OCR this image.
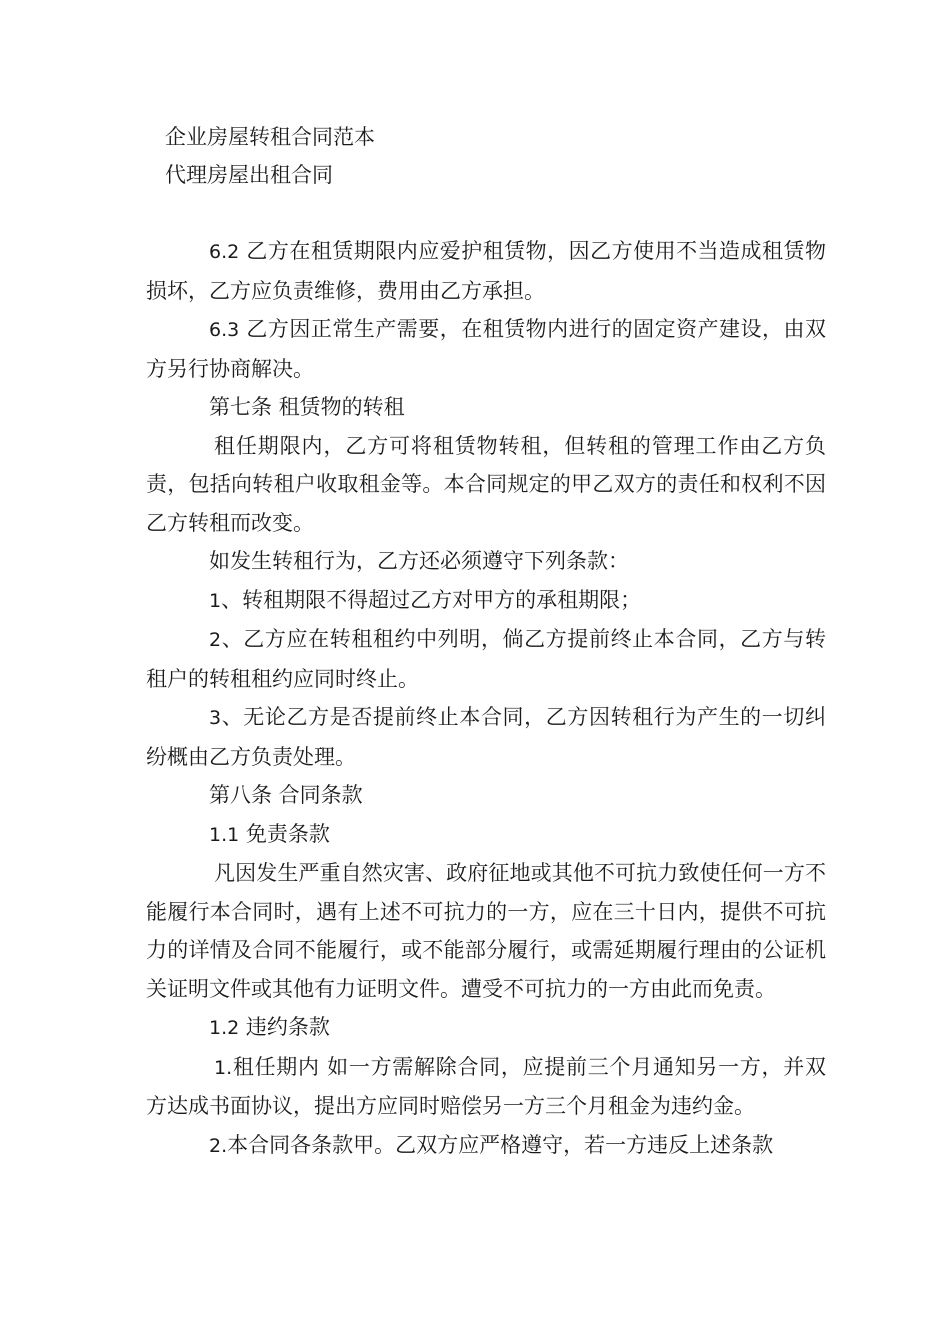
企业房屋转租合同范本
代理房屋出租合同

6.2 乙方在租赁期限内应爱护租赁物，因乙方使用不当造成租赁物损坏，乙方应负责维修，费用由乙方承担。

6.3 乙方因正常生产需要，在租赁物内进行的固定资产建设，由双方另行协商解决。

第七条 租赁物的转租

租任期限内，乙方可将租赁物转租，但转租的管理工作由乙方负责，包括向转租户收取租金等。本合同规定的甲乙双方的责任和权利不因乙方转租而改变。

如发生转租行为，乙方还必须遵守下列条款：

1、转租期限不得超过乙方对甲方的承租期限；

2、乙方应在转租租约中列明，倘乙方提前终止本合同，乙方与转租户的转租租约应同时终止。

3、无论乙方是否提前终止本合同，乙方因转租行为产生的一切纠纷概由乙方负责处理。

第八条 合同条款

1.1 免责条款

凡因发生严重自然灾害、政府征地或其他不可抗力致使任何一方不能履行本合同时，遇有上述不可抗力的一方，应在三十日内，提供不可抗力的详情及合同不能履行，或不能部分履行，或需延期履行理由的公证机关证明文件或其他有力证明文件。遭受不可抗力的一方由此而免责。

1.2 违约条款

1.租任期内 如一方需解除合同，应提前三个月通知另一方，并双方达成书面协议，提出方应同时赔偿另一方三个月租金为违约金。

2.本合同各条款甲。乙双方应严格遵守，若一方违反上述条款
